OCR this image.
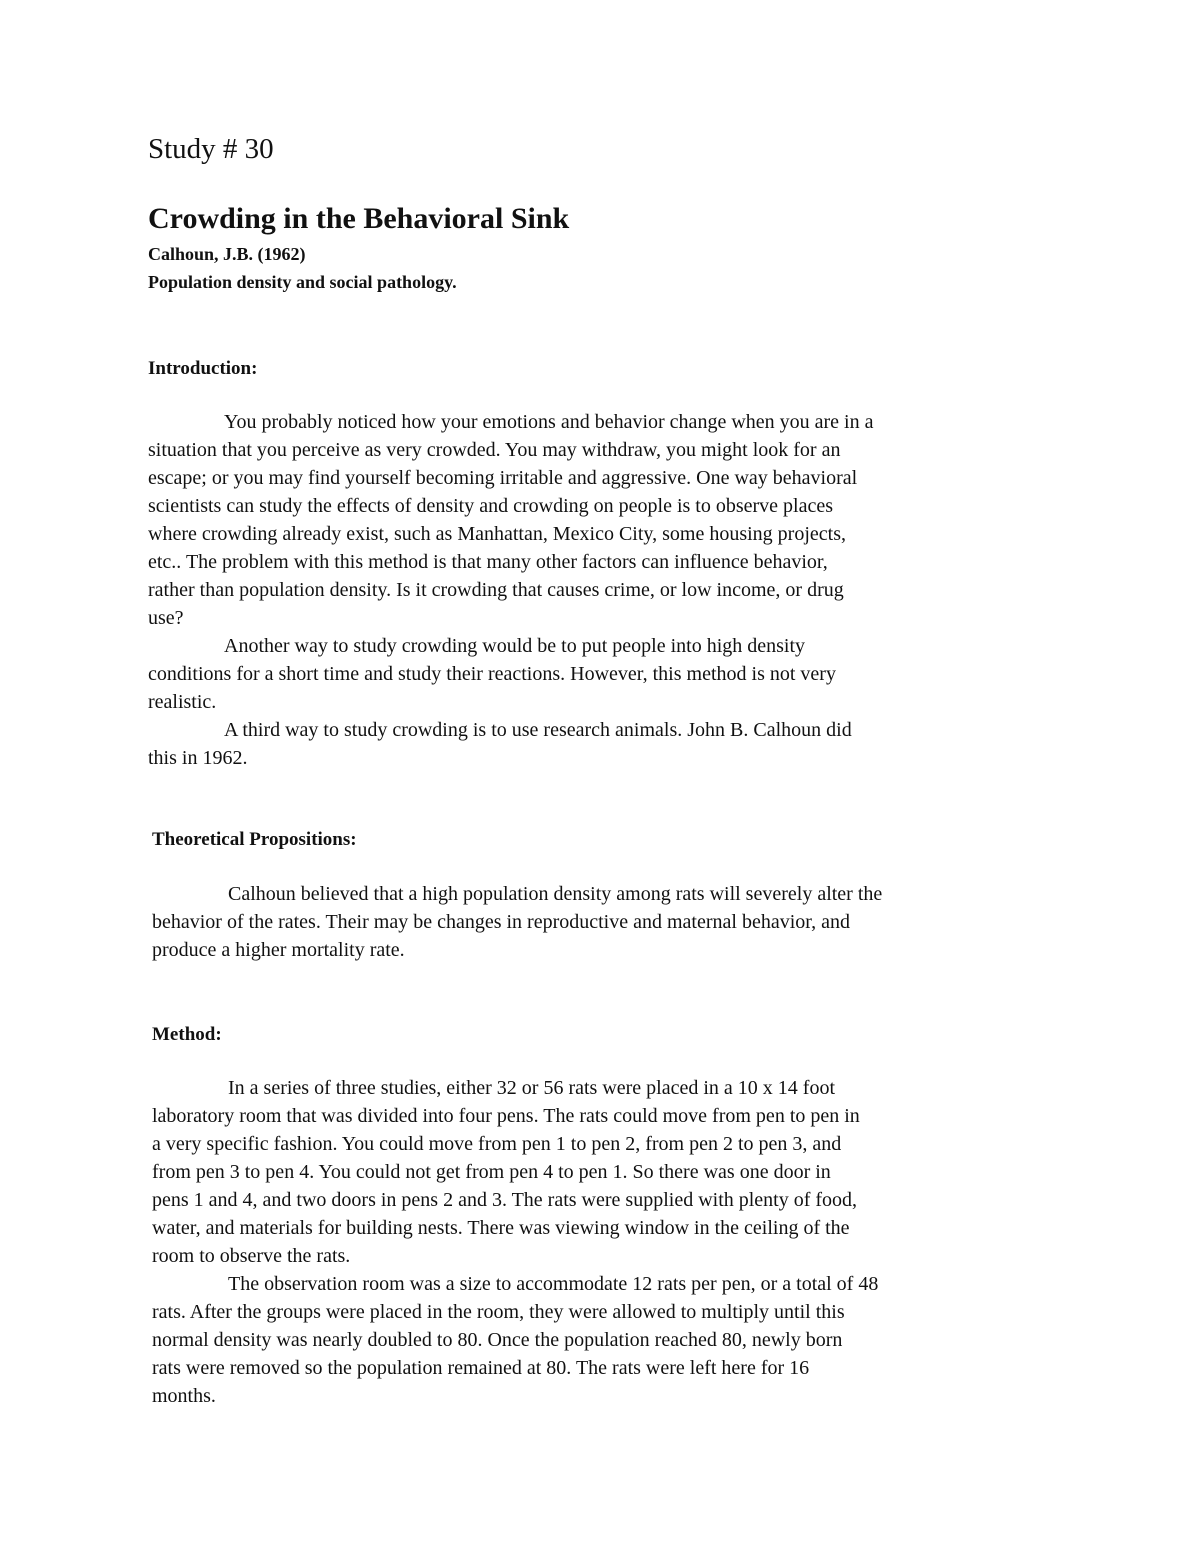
Study # 30
Crowding in the Behavioral Sink
Calhoun, J.B. (1962)
Population density and social pathology.
Introduction:
You probably noticed how your emotions and behavior change when you are in a
situation that you perceive as very crowded. You may withdraw, you might look for an
escape; or you may find yourself becoming irritable and aggressive. One way behavioral
scientists can study the effects of density and crowding on people is to observe places
where crowding already exist, such as Manhattan, Mexico City, some housing projects,
etc.. The problem with this method is that many other factors can influence behavior,
rather than population density. Is it crowding that causes crime, or low income, or drug
use?
Another way to study crowding would be to put people into high density
conditions for a short time and study their reactions. However, this method is not very
realistic.
A third way to study crowding is to use research animals. John B. Calhoun did
this in 1962.
Theoretical Propositions:
Calhoun believed that a high population density among rats will severely alter the
behavior of the rates. Their may be changes in reproductive and maternal behavior, and
produce a higher mortality rate.
Method:
In a series of three studies, either 32 or 56 rats were placed in a 10 x 14 foot
laboratory room that was divided into four pens. The rats could move from pen to pen in
a very specific fashion. You could move from pen 1 to pen 2, from pen 2 to pen 3, and
from pen 3 to pen 4. You could not get from pen 4 to pen 1. So there was one door in
pens 1 and 4, and two doors in pens 2 and 3. The rats were supplied with plenty of food,
water, and materials for building nests. There was viewing window in the ceiling of the
room to observe the rats.
The observation room was a size to accommodate 12 rats per pen, or a total of 48
rats. After the groups were placed in the room, they were allowed to multiply until this
normal density was nearly doubled to 80. Once the population reached 80, newly born
rats were removed so the population remained at 80. The rats were left here for 16
months.
